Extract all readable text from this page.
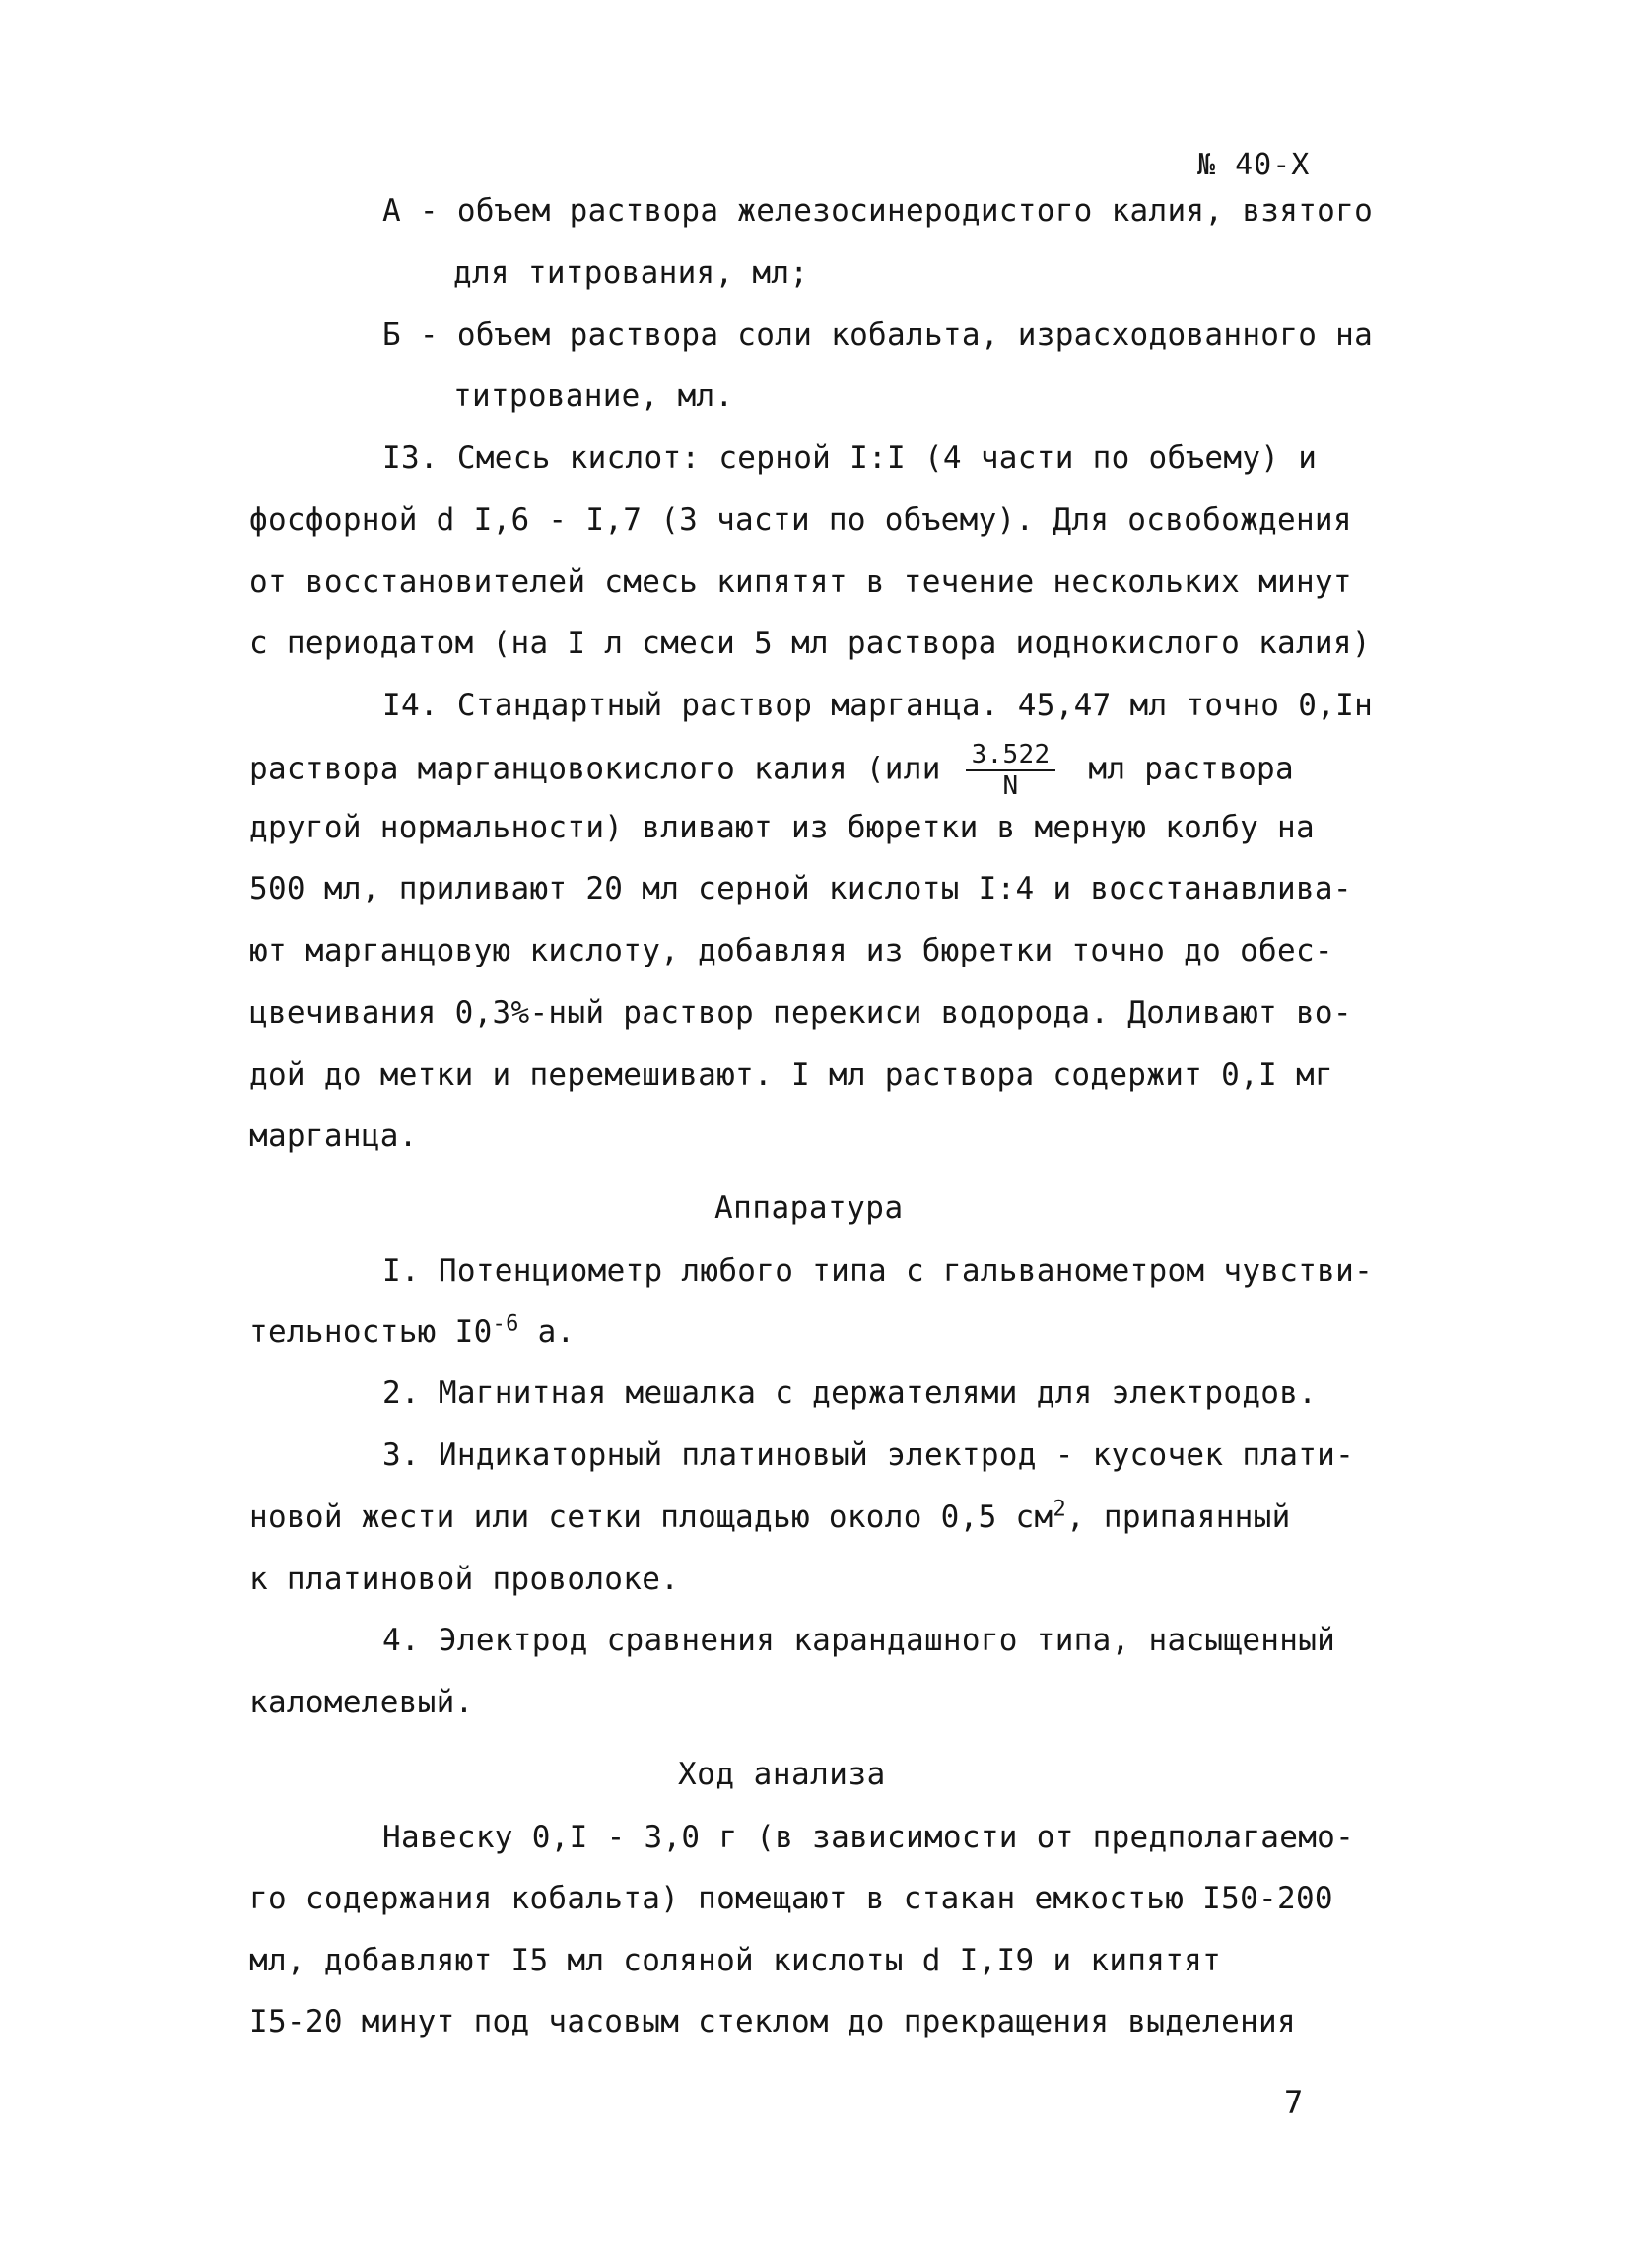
№ 40-Х
А - объем раствора железосинеродистого калия, взятого
для титрования, мл;
Б - объем раствора соли кобальта, израсходованного на
титрование, мл.
I3. Смесь кислот: серной I:I (4 части по объему) и
фосфорной d I,6 - I,7 (3 части по объему). Для освобождения
от восстановителей смесь кипятят в течение нескольких минут
с периодатом (на I л смеси 5 мл раствора иоднокислого калия)
I4. Стандартный раствор марганца. 45,47 мл точно 0,Iн
раствора марганцовокислого калия ($или \frac{3.522}{N}$ мл раствора
другой нормальности) вливают из бюретки в мерную колбу на
500 мл, приливают 20 мл серной кислоты I:4 и восстанавлива-
ют марганцовую кислоту, добавляя из бюретки точно до обес-
цвечивания 0,3%-ный раствор перекиси водорода. Доливают во-
дой до метки и перемешивают. I мл раствора содержит 0,I мг
марганца.
Аппаратура
I. Потенциометр любого типа с гальванометром чувстви-
тельностью $I0^{-6}$ а.
2. Магнитная мешалка с держателями для электродов.
3. Индикаторный платиновый электрод - кусочек плати-
новой жести или сетки площадью около 0,5 $см^2$, припаянный
к платиновой проволоке.
4. Электрод сравнения карандашного типа, насыщенный
каломелевый.
Ход анализа
Навеску 0,I - 3,0 г (в зависимости от предполагаемо-
го содержания кобальта) помещают в стакан емкостью I50-200
мл, добавляют I5 мл соляной кислоты d I,I9 и кипятят
I5-20 минут под часовым стеклом до прекращения выделения
7
